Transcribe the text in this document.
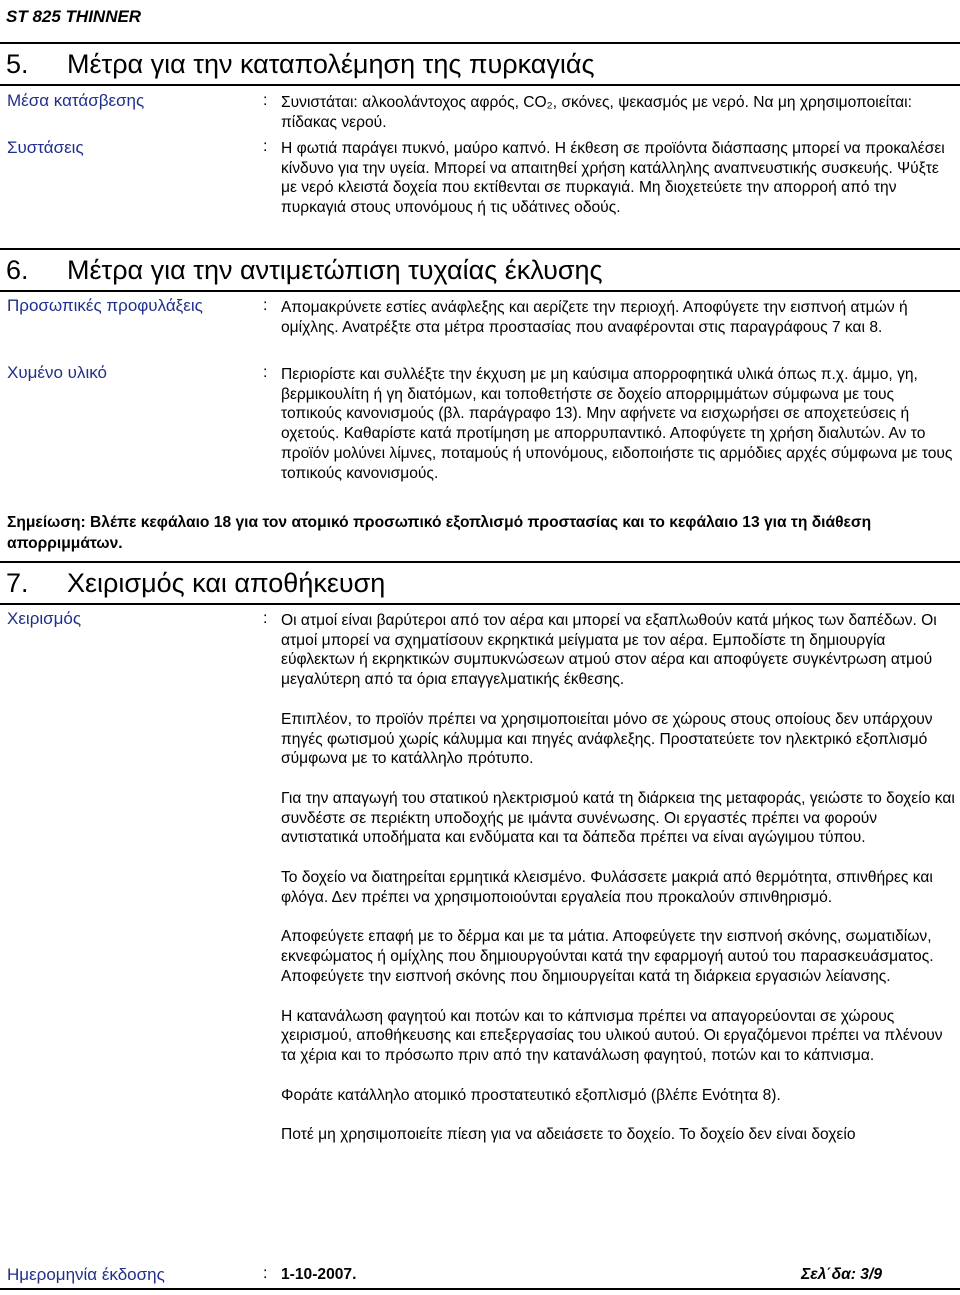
ST 825 THINNER
5. Μέτρα για την καταπολέμηση της πυρκαγιάς
Μέσα κατάσβεσης	: Συνιστάται: αλκοολάντοχος αφρός, CO₂, σκόνες, ψεκασμός με νερό. Να μη χρησιμοποιείται: πίδακας νερού.
Συστάσεις	: Η φωτιά παράγει πυκνό, μαύρο καπνό. Η έκθεση σε προϊόντα διάσπασης μπορεί να προκαλέσει κίνδυνο για την υγεία. Μπορεί να απαιτηθεί χρήση κατάλληλης αναπνευστικής συσκευής. Ψύξτε με νερό κλειστά δοχεία που εκτίθενται σε πυρκαγιά. Μη διοχετεύετε την απορροή από την πυρκαγιά στους υπονόμους ή τις υδάτινες οδούς.
6. Μέτρα για την αντιμετώπιση τυχαίας έκλυσης
Προσωπικές προφυλάξεις	: Απομακρύνετε εστίες ανάφλεξης και αερίζετε την περιοχή. Αποφύγετε την εισπνοή ατμών ή ομίχλης. Ανατρέξτε στα μέτρα προστασίας που αναφέρονται στις παραγράφους 7 και 8.
Χυμένο υλικό	: Περιορίστε και συλλέξτε την έκχυση με μη καύσιμα απορροφητικά υλικά όπως π.χ. άμμο, γη, βερμικουλίτη ή γη διατόμων, και τοποθετήστε σε δοχείο απορριμμάτων σύμφωνα με τους τοπικούς κανονισμούς (βλ. παράγραφο 13). Μην αφήνετε να εισχωρήσει σε αποχετεύσεις ή οχετούς. Καθαρίστε κατά προτίμηση με απορρυπαντικό. Αποφύγετε τη χρήση διαλυτών. Αν το προϊόν μολύνει λίμνες, ποταμούς ή υπονόμους, ειδοποιήστε τις αρμόδιες αρχές σύμφωνα με τους τοπικούς κανονισμούς.
Σημείωση: Βλέπε κεφάλαιο 18 για τον ατομικό προσωπικό εξοπλισμό προστασίας και το κεφάλαιο 13 για τη διάθεση απορριμμάτων.
7. Χειρισμός και αποθήκευση
Χειρισμός	: Οι ατμοί είναι βαρύτεροι από τον αέρα και μπορεί να εξαπλωθούν κατά μήκος των δαπέδων. Οι ατμοί μπορεί να σχηματίσουν εκρηκτικά μείγματα με τον αέρα. Εμποδίστε τη δημιουργία εύφλεκτων ή εκρηκτικών συμπυκνώσεων ατμού στον αέρα και αποφύγετε συγκέντρωση ατμού μεγαλύτερη από τα όρια επαγγελματικής έκθεσης.

Επιπλέον, το προϊόν πρέπει να χρησιμοποιείται μόνο σε χώρους στους οποίους δεν υπάρχουν πηγές φωτισμού χωρίς κάλυμμα και πηγές ανάφλεξης. Προστατεύετε τον ηλεκτρικό εξοπλισμό σύμφωνα με το κατάλληλο πρότυπο.

Για την απαγωγή του στατικού ηλεκτρισμού κατά τη διάρκεια της μεταφοράς, γειώστε το δοχείο και συνδέστε σε περιέκτη υποδοχής με ιμάντα συνένωσης. Οι εργαστές πρέπει να φορούν αντιστατικά υποδήματα και ενδύματα και τα δάπεδα πρέπει να είναι αγώγιμου τύπου.

Το δοχείο να διατηρείται ερμητικά κλεισμένο. Φυλάσσετε μακριά από θερμότητα, σπινθήρες και φλόγα. Δεν πρέπει να χρησιμοποιούνται εργαλεία που προκαλούν σπινθηρισμό.

Αποφεύγετε επαφή με το δέρμα και με τα μάτια. Αποφεύγετε την εισπνοή σκόνης, σωματιδίων, εκνεφώματος ή ομίχλης που δημιουργούνται κατά την εφαρμογή αυτού του παρασκευάσματος. Αποφεύγετε την εισπνοή σκόνης που δημιουργείται κατά τη διάρκεια εργασιών λείανσης.

Η κατανάλωση φαγητού και ποτών και το κάπνισμα πρέπει να απαγορεύονται σε χώρους χειρισμού, αποθήκευσης και επεξεργασίας του υλικού αυτού. Οι εργαζόμενοι πρέπει να πλένουν τα χέρια και το πρόσωπο πριν από την κατανάλωση φαγητού, ποτών και το κάπνισμα.

Φοράτε κατάλληλο ατομικό προστατευτικό εξοπλισμό (βλέπε Ενότητα 8).

Ποτέ μη χρησιμοποιείτε πίεση για να αδειάσετε το δοχείο. Το δοχείο δεν είναι δοχείο

Ημερομηνία έκδοσης	: 1-10-2007.	Σελ΄δα: 3/9
